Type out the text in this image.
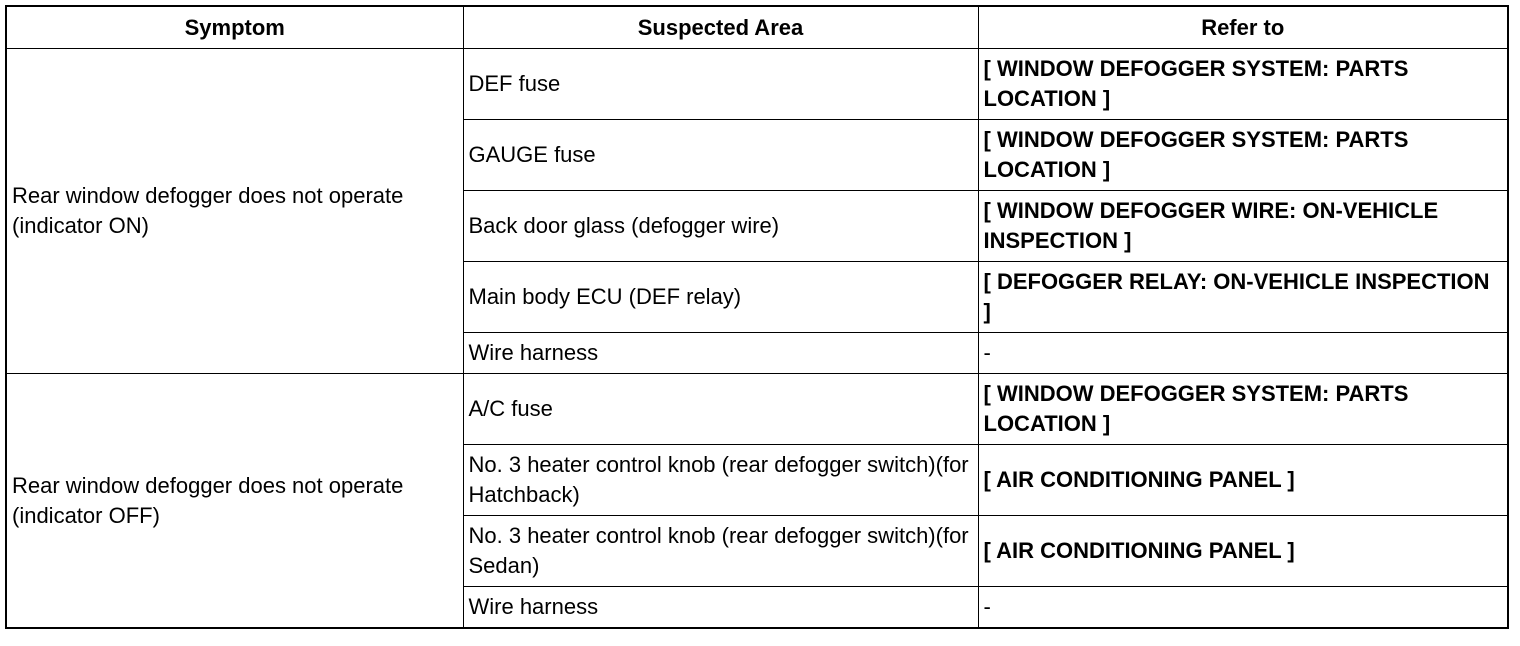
Symptom	Suspected Area	Refer to
Rear window defogger does not operate (indicator ON)	DEF fuse	[ WINDOW DEFOGGER SYSTEM: PARTS LOCATION ]
	GAUGE fuse	[ WINDOW DEFOGGER SYSTEM: PARTS LOCATION ]
	Back door glass (defogger wire)	[ WINDOW DEFOGGER WIRE: ON-VEHICLE INSPECTION ]
	Main body ECU (DEF relay)	[ DEFOGGER RELAY: ON-VEHICLE INSPECTION ]
	Wire harness	-
Rear window defogger does not operate (indicator OFF)	A/C fuse	[ WINDOW DEFOGGER SYSTEM: PARTS LOCATION ]
	No. 3 heater control knob (rear defogger switch)(for Hatchback)	[ AIR CONDITIONING PANEL ]
	No. 3 heater control knob (rear defogger switch)(for Sedan)	[ AIR CONDITIONING PANEL ]
	Wire harness	-
